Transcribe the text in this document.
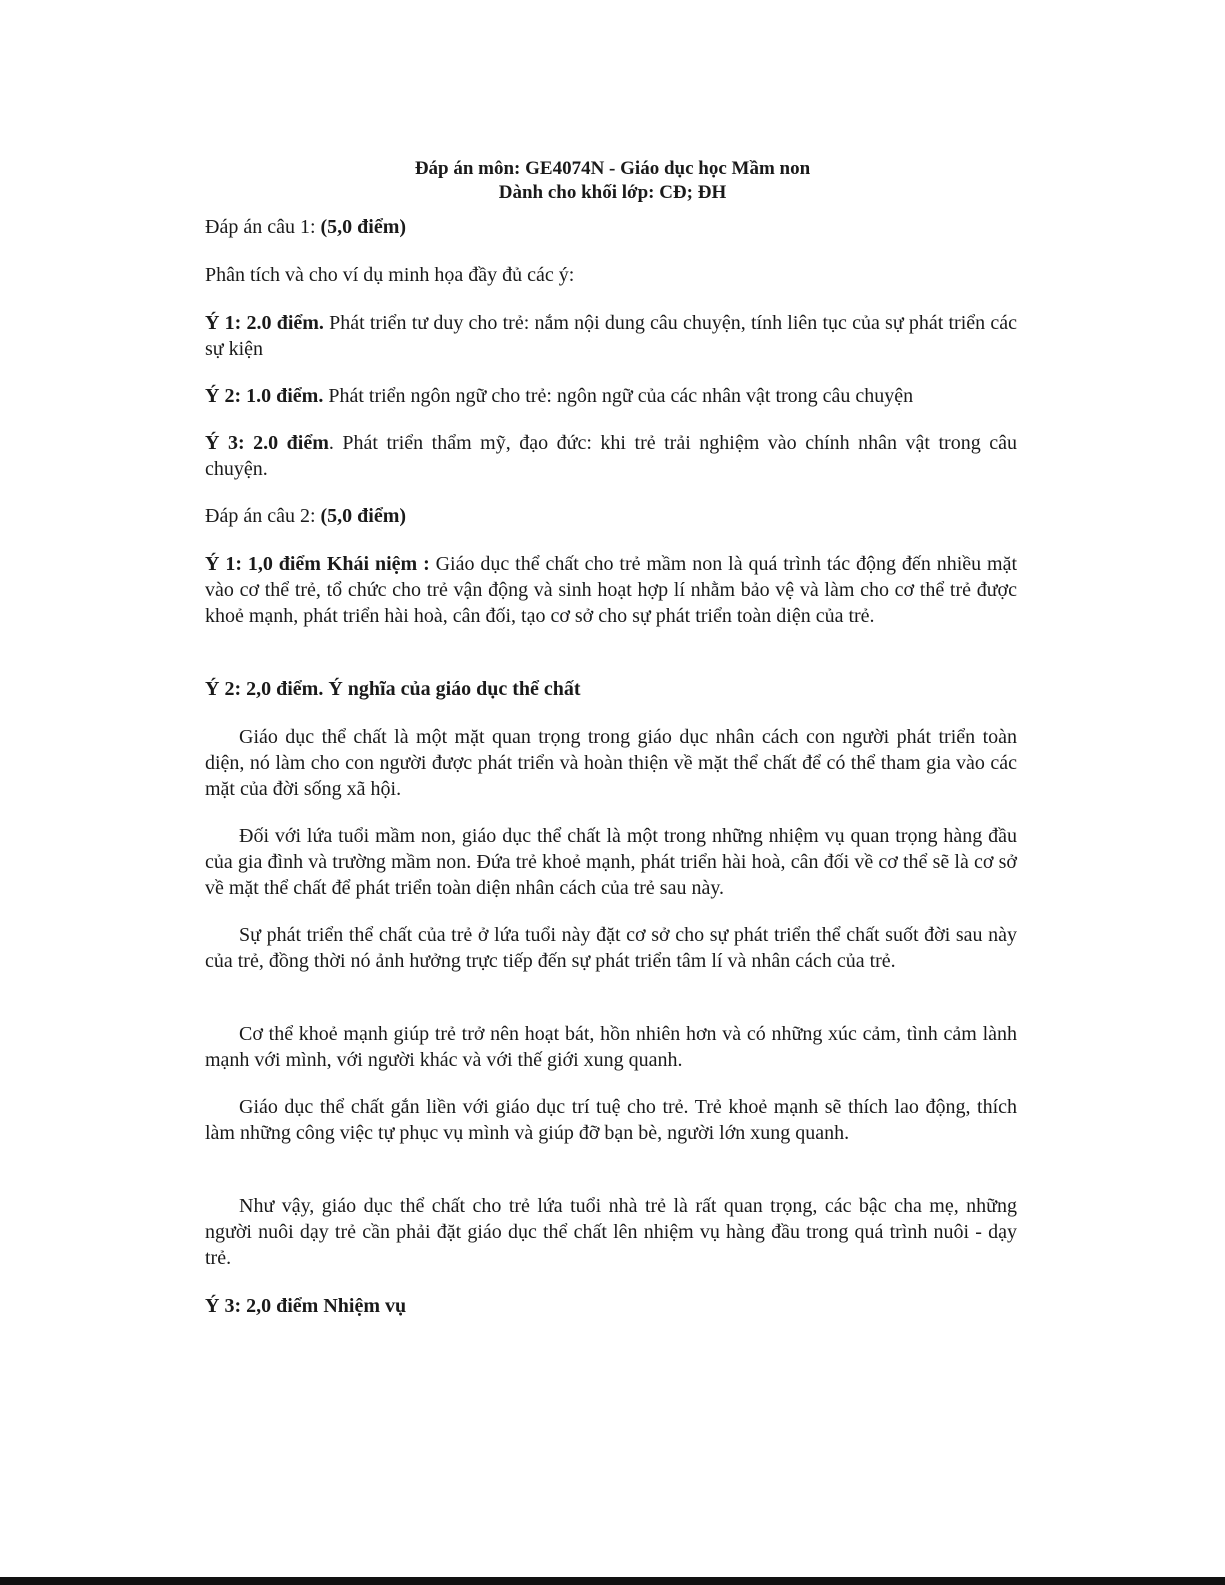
Đáp án môn: GE4074N - Giáo dục học Mầm non
Dành cho khối lớp: CĐ; ĐH
Đáp án câu 1: (5,0 điểm)
Phân tích và cho ví dụ minh họa đầy đủ các ý:
Ý 1: 2.0 điểm. Phát triển tư duy cho trẻ: nắm nội dung câu chuyện, tính liên tục của sự phát triển các sự kiện
Ý 2: 1.0 điểm. Phát triển ngôn ngữ cho trẻ: ngôn ngữ của các nhân vật trong câu chuyện
Ý 3: 2.0 điểm. Phát triển thẩm mỹ, đạo đức: khi trẻ trải nghiệm vào chính nhân vật trong câu chuyện.
Đáp án câu 2: (5,0 điểm)
Ý 1: 1,0 điểm Khái niệm : Giáo dục thể chất cho trẻ mầm non là quá trình tác động đến nhiều mặt vào cơ thể trẻ, tổ chức cho trẻ vận động và sinh hoạt hợp lí nhằm bảo vệ và làm cho cơ thể trẻ được khoẻ mạnh, phát triển hài hoà, cân đối, tạo cơ sở cho sự phát triển toàn diện của trẻ.
Ý 2: 2,0 điểm. Ý nghĩa của giáo dục thể chất
Giáo dục thể chất là một mặt quan trọng trong giáo dục nhân cách con người phát triển toàn diện, nó làm cho con người được phát triển và hoàn thiện về mặt thể chất để có thể tham gia vào các mặt của đời sống xã hội.
Đối với lứa tuổi mầm non, giáo dục thể chất là một trong những nhiệm vụ quan trọng hàng đầu của gia đình và trường mầm non. Đứa trẻ khoẻ mạnh, phát triển hài hoà, cân đối về cơ thể sẽ là cơ sở về mặt thể chất để phát triển toàn diện nhân cách của trẻ sau này.
Sự phát triển thể chất của trẻ ở lứa tuổi này đặt cơ sở cho sự phát triển thể chất suốt đời sau này của trẻ, đồng thời nó ảnh hưởng trực tiếp đến sự phát triển tâm lí và nhân cách của trẻ.
Cơ thể khoẻ mạnh giúp trẻ trở nên hoạt bát, hồn nhiên hơn và có những xúc cảm, tình cảm lành mạnh với mình, với người khác và với thế giới xung quanh.
Giáo dục thể chất gắn liền với giáo dục trí tuệ cho trẻ. Trẻ khoẻ mạnh sẽ thích lao động, thích làm những công việc tự phục vụ mình và giúp đỡ bạn bè, người lớn xung quanh.
Như vậy, giáo dục thể chất cho trẻ lứa tuổi nhà trẻ là rất quan trọng, các bậc cha mẹ, những người nuôi dạy trẻ cần phải đặt giáo dục thể chất lên nhiệm vụ hàng đầu trong quá trình nuôi - dạy trẻ.
Ý 3: 2,0 điểm Nhiệm vụ
